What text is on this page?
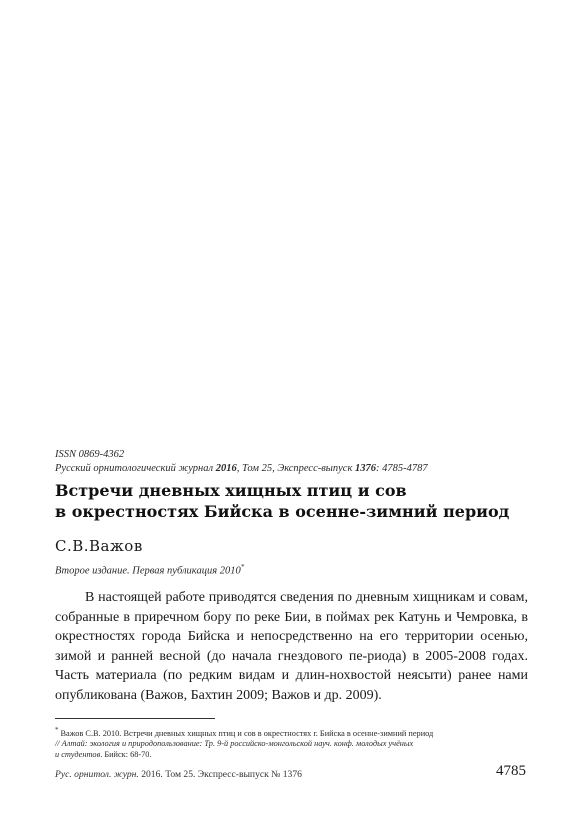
ISSN 0869-4362
Русский орнитологический журнал 2016, Том 25, Экспресс-выпуск 1376: 4785-4787
Встречи дневных хищных птиц и сов
в окрестностях Бийска в осенне-зимний период
С.В.Важов
Второе издание. Первая публикация 2010*

В настоящей работе приводятся сведения по дневным хищникам и совам, собранные в приречном бору по реке Бии, в поймах рек Катунь и Чемровка, в окрестностях города Бийска и непосредственно на его территории осенью, зимой и ранней весной (до начала гнездового пе-риода) в 2005-2008 годах. Часть материала (по редким видам и длин-нохвостой неясыти) ранее нами опубликована (Важов, Бахтин 2009; Важов и др. 2009).

* Важов С.В. 2010. Встречи дневных хищных птиц и сов в окрестностях г. Бийска в осенне-зимний период
// Алтай: экология и природопользование: Тр. 9-й российско-монгольской науч. конф. молодых учёных
и студентов. Бийск: 68-70.
Рус. орнитол. журн. 2016. Том 25. Экспресс-выпуск № 1376	4785
